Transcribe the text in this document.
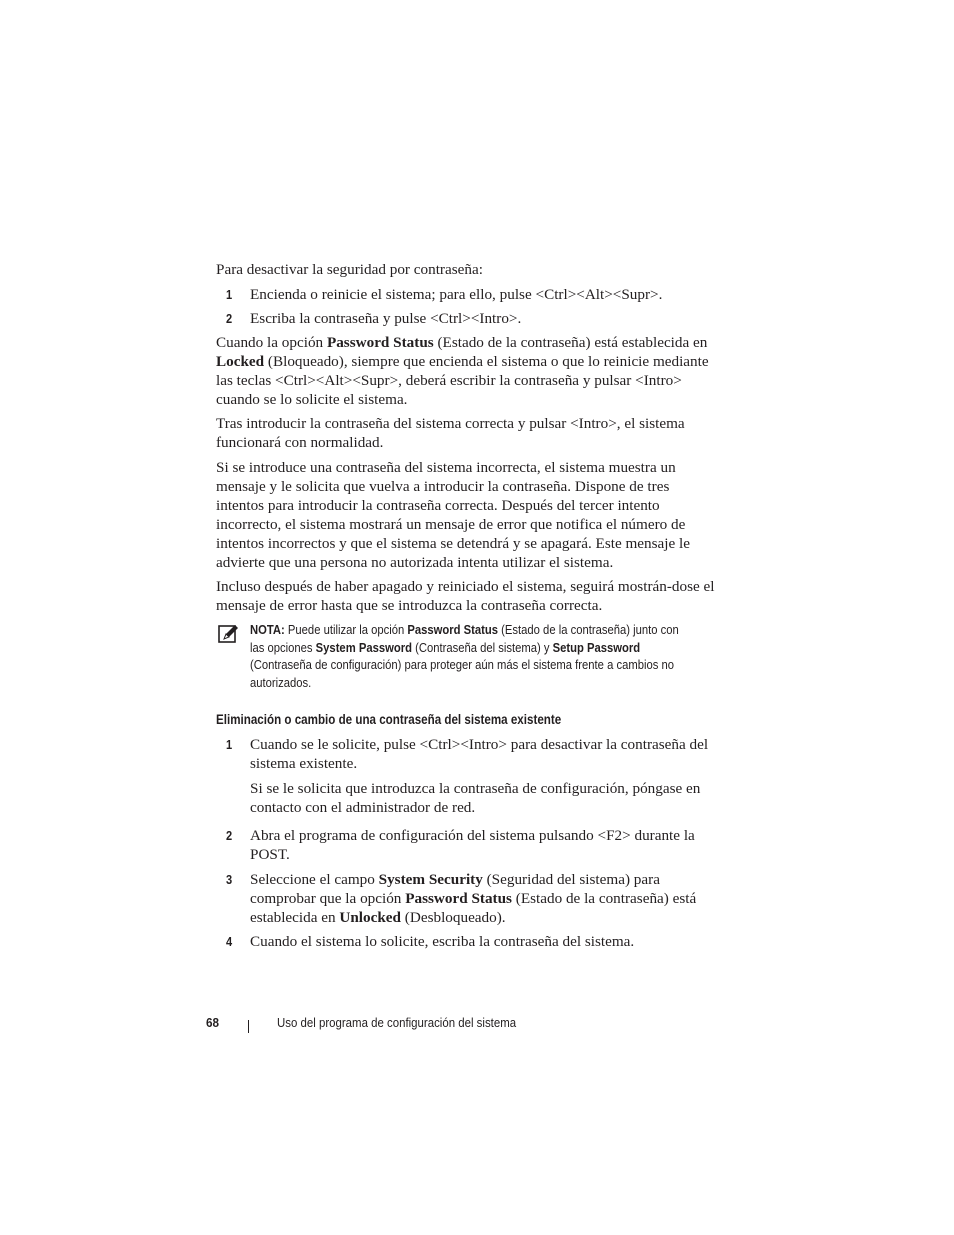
Para desactivar la seguridad por contraseña:

1 Encienda o reinicie el sistema; para ello, pulse <Ctrl><Alt><Supr>.
2 Escriba la contraseña y pulse <Ctrl><Intro>.

Cuando la opción Password Status (Estado de la contraseña) está establecida en Locked (Bloqueado), siempre que encienda el sistema o que lo reinicie mediante las teclas <Ctrl><Alt><Supr>, deberá escribir la contraseña y pulsar <Intro> cuando se lo solicite el sistema.

Tras introducir la contraseña del sistema correcta y pulsar <Intro>, el sistema funcionará con normalidad.

Si se introduce una contraseña del sistema incorrecta, el sistema muestra un mensaje y le solicita que vuelva a introducir la contraseña. Dispone de tres intentos para introducir la contraseña correcta. Después del tercer intento incorrecto, el sistema mostrará un mensaje de error que notifica el número de intentos incorrectos y que el sistema se detendrá y se apagará. Este mensaje le advierte que una persona no autorizada intenta utilizar el sistema.

Incluso después de haber apagado y reiniciado el sistema, seguirá mostrán-dose el mensaje de error hasta que se introduzca la contraseña correcta.

NOTA: Puede utilizar la opción Password Status (Estado de la contraseña) junto con las opciones System Password (Contraseña del sistema) y Setup Password (Contraseña de configuración) para proteger aún más el sistema frente a cambios no autorizados.
Eliminación o cambio de una contraseña del sistema existente
1 Cuando se le solicite, pulse <Ctrl><Intro> para desactivar la contraseña del sistema existente.
Si se le solicita que introduzca la contraseña de configuración, póngase en contacto con el administrador de red.
2 Abra el programa de configuración del sistema pulsando <F2> durante la POST.
3 Seleccione el campo System Security (Seguridad del sistema) para comprobar que la opción Password Status (Estado de la contraseña) está establecida en Unlocked (Desbloqueado).
4 Cuando el sistema lo solicite, escriba la contraseña del sistema.
68	Uso del programa de configuración del sistema
